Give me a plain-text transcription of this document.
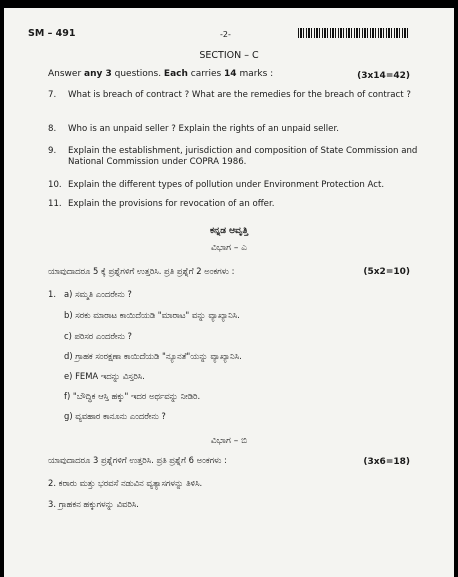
SM – 491	-2-
SECTION – C
Answer any 3 questions. Each carries 14 marks :	(3x14=42)
7. What is breach of contract ? What are the remedies for the breach of contract ?
8. Who is an unpaid seller ? Explain the rights of an unpaid seller.
9. Explain the establishment, jurisdiction and composition of State Commission and National Commission under COPRA 1986.
10. Explain the different types of pollution under Environment Protection Act.
11. Explain the provisions for revocation of an offer.
ಕನ್ನಡ ಆವೃತ್ತಿ
ವಿಭಾಗ – ಎ
ಯಾವುದಾದರೂ 5 ಕ್ಕೆ ಪ್ರಶ್ನೆಗಳಿಗೆ ಉತ್ತರಿಸಿ. ಪ್ರತಿ ಪ್ರಶ್ನೆಗೆ 2 ಅಂಕಗಳು :	(5x2=10)
1. a) ಸಮ್ಮತಿ ಎಂದರೇನು ?
b) ಸರಕು ಮಾರಾಟ ಕಾಯಿದೆಯಡಿ "ಮಾರಾಟ" ವನ್ನು ವ್ಯಾಖ್ಯಾನಿಸಿ.
c) ಪರಿಸರ ಎಂದರೇನು ?
d) ಗ್ರಾಹಕ ಸಂರಕ್ಷಣಾ ಕಾಯಿದೆಯಡಿ "ನ್ಯೂನತೆ"ಯನ್ನು ವ್ಯಾಖ್ಯಾನಿಸಿ.
e) FEMA ಇದನ್ನು ವಿಸ್ತರಿಸಿ.
f) "ಬೌದ್ಧಿಕ ಆಸ್ತಿ ಹಕ್ಕು" ಇದರ ಅರ್ಥವನ್ನು ನೀಡಿರಿ.
g) ವ್ಯವಹಾರ ಕಾನೂನು ಎಂದರೇನು ?
ವಿಭಾಗ – ಬಿ
ಯಾವುದಾದರೂ 3 ಪ್ರಶ್ನೆಗಳಿಗೆ ಉತ್ತರಿಸಿ. ಪ್ರತಿ ಪ್ರಶ್ನೆಗೆ 6 ಅಂಕಗಳು :	(3x6=18)
2. ಕರಾರು ಮತ್ತು ಭರವಸೆ ನಡುವಿನ ವ್ಯತ್ಯಾಸಗಳನ್ನು ತಿಳಿಸಿ.
3. ಗ್ರಾಹಕನ ಹಕ್ಕುಗಳನ್ನು ವಿವರಿಸಿ.
